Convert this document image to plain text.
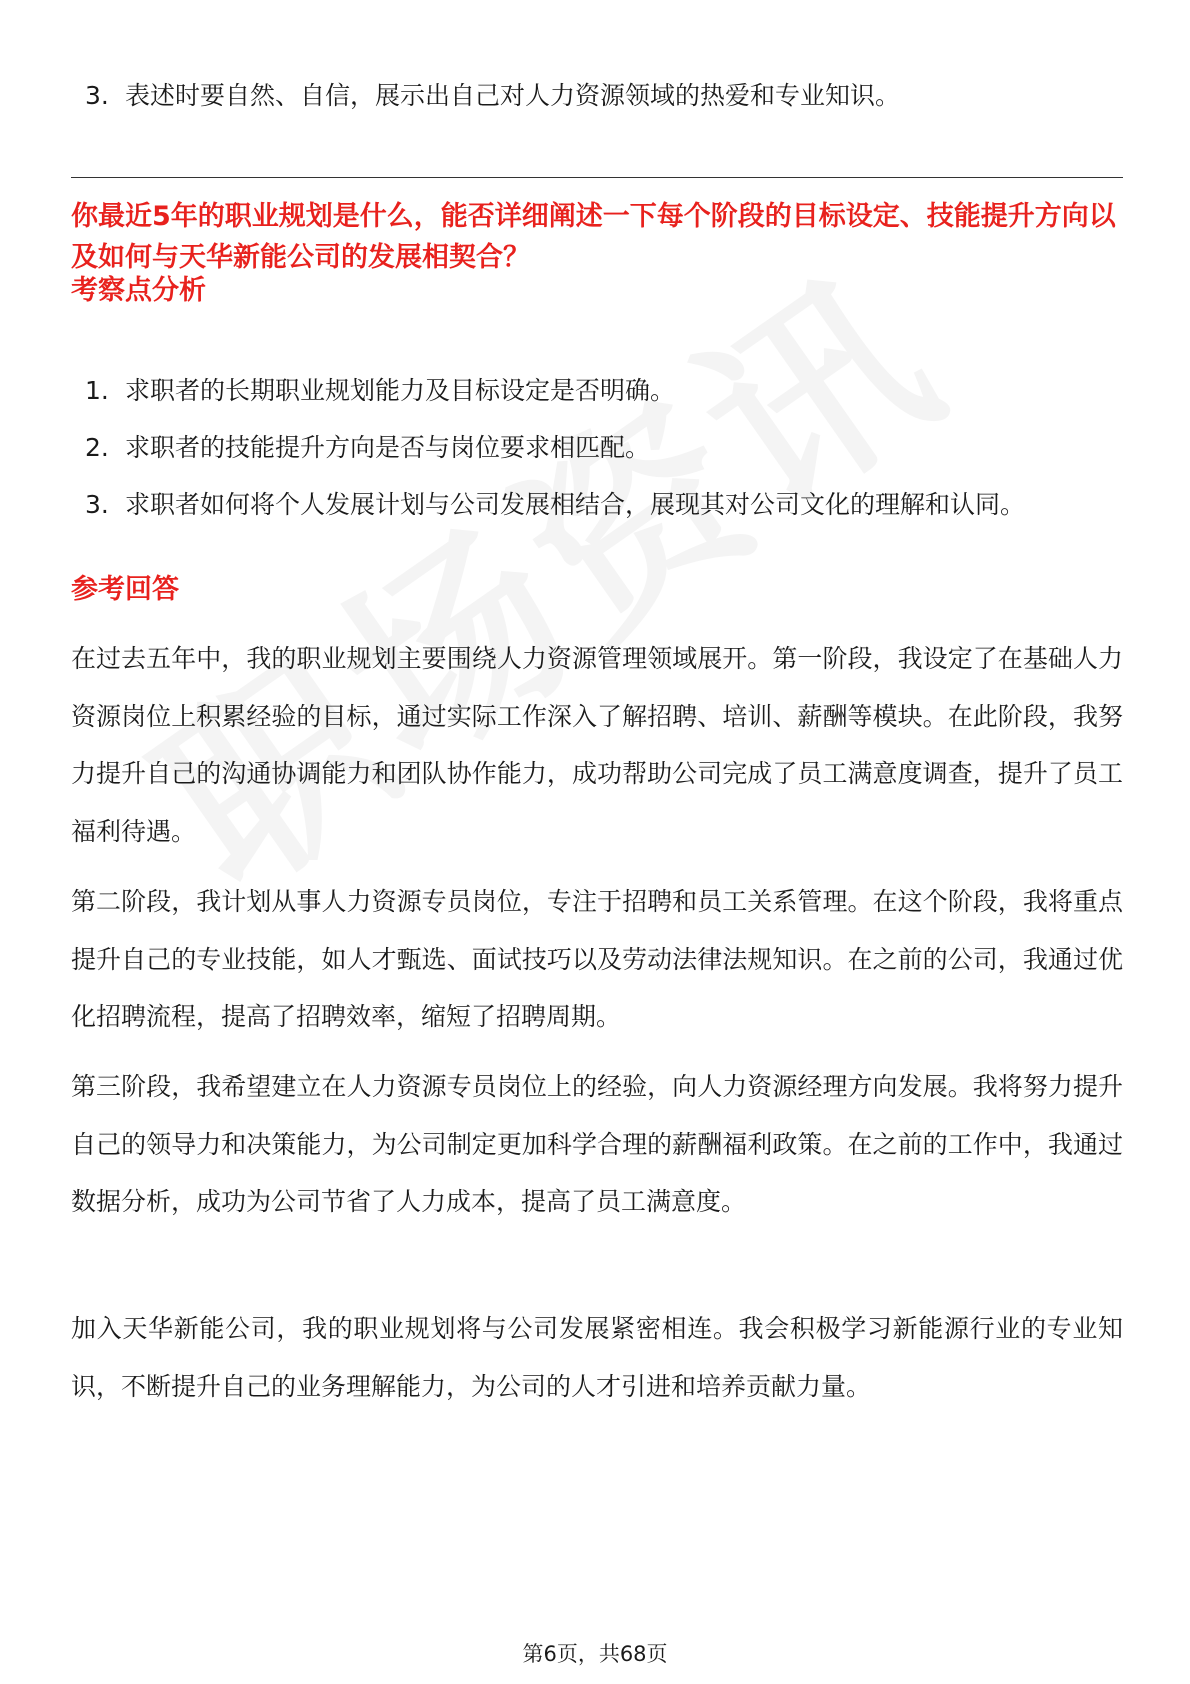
3. 表述时要自然、自信，展示出自己对人力资源领域的热爱和专业知识。
你最近5年的职业规划是什么，能否详细阐述一下每个阶段的目标设定、技能提升方向以及如何与天华新能公司的发展相契合？
考察点分析
1. 求职者的长期职业规划能力及目标设定是否明确。
2. 求职者的技能提升方向是否与岗位要求相匹配。
3. 求职者如何将个人发展计划与公司发展相结合，展现其对公司文化的理解和认同。
参考回答

在过去五年中，我的职业规划主要围绕人力资源管理领域展开。第一阶段，我设定了在基础人力资源岗位上积累经验的目标，通过实际工作深入了解招聘、培训、薪酬等模块。在此阶段，我努力提升自己的沟通协调能力和团队协作能力，成功帮助公司完成了员工满意度调查，提升了员工福利待遇。

第二阶段，我计划从事人力资源专员岗位，专注于招聘和员工关系管理。在这个阶段，我将重点提升自己的专业技能，如人才甄选、面试技巧以及劳动法律法规知识。在之前的公司，我通过优化招聘流程，提高了招聘效率，缩短了招聘周期。

第三阶段，我希望建立在人力资源专员岗位上的经验，向人力资源经理方向发展。我将努力提升自己的领导力和决策能力，为公司制定更加科学合理的薪酬福利政策。在之前的工作中，我通过数据分析，成功为公司节省了人力成本，提高了员工满意度。

加入天华新能公司，我的职业规划将与公司发展紧密相连。我会积极学习新能源行业的专业知识，不断提升自己的业务理解能力，为公司的人才引进和培养贡献力量。

第6页，共68页
